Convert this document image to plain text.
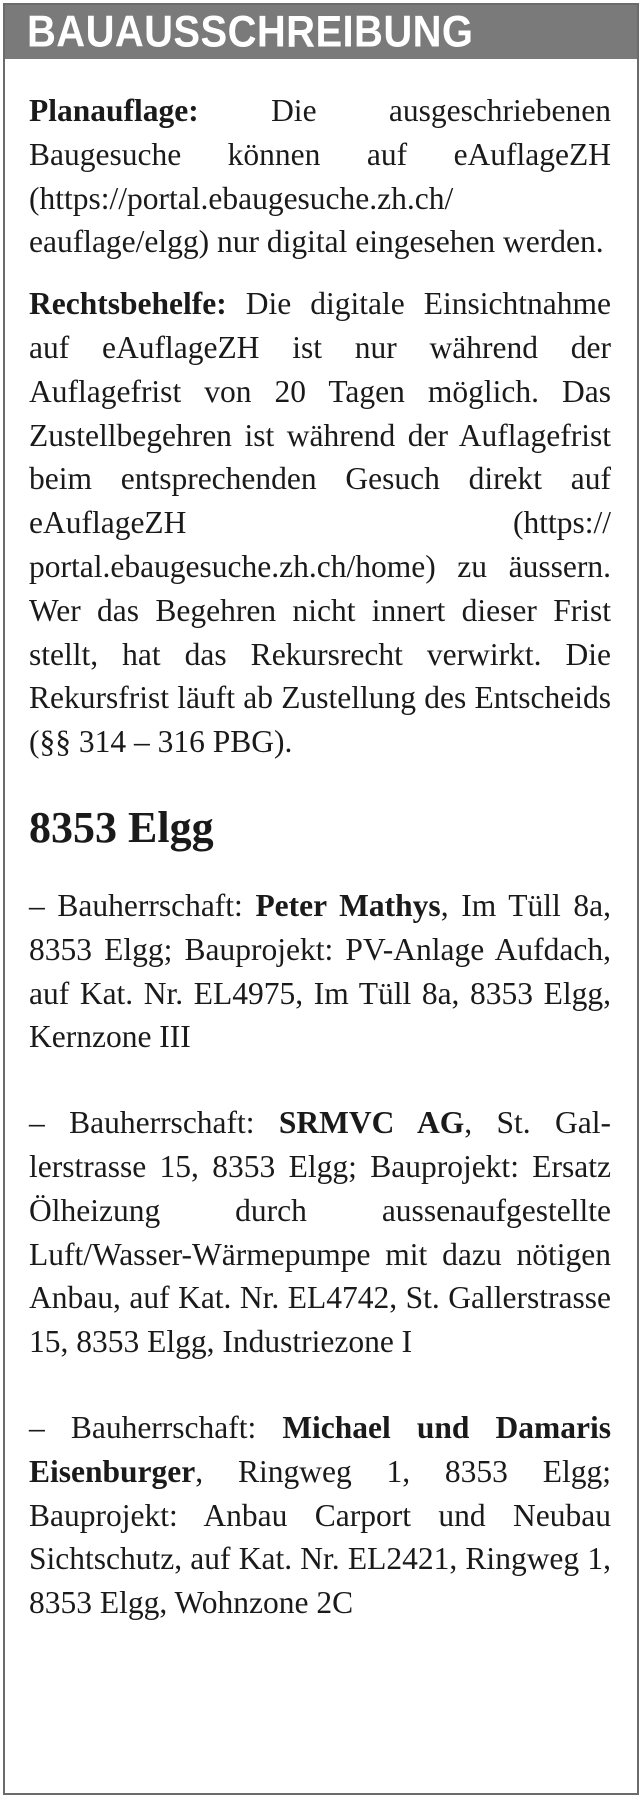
BAUAUSSCHREIBUNG

Planauflage: Die ausgeschriebenen Baugesuche können auf eAuflageZH (https://portal.ebaugesuche.zh.ch/ eauflage/elgg) nur digital eingesehen werden.

Rechtsbehelfe: Die digitale Einsichtnahme auf eAuflageZH ist nur während der Auflagefrist von 20 Tagen möglich. Das Zustellbegehren ist während der Auflagefrist beim entsprechenden Gesuch direkt auf eAuflageZH (https:// portal.ebaugesuche.zh.ch/home) zu äussern. Wer das Begehren nicht innert dieser Frist stellt, hat das Rekursrecht verwirkt. Die Rekursfrist läuft ab Zustellung des Entscheids (§§ 314 – 316 PBG).

8353 Elgg

– Bauherrschaft: Peter Mathys, Im Tüll 8a, 8353 Elgg; Bauprojekt: PV-Anlage Aufdach, auf Kat. Nr. EL4975, Im Tüll 8a, 8353 Elgg, Kernzone III

– Bauherrschaft: SRMVC AG, St. Gallerstrasse 15, 8353 Elgg; Bauprojekt: Ersatz Ölheizung durch aussenaufgestellte Luft/Wasser-Wärmepumpe mit dazu nötigen Anbau, auf Kat. Nr. EL4742, St. Gallerstrasse 15, 8353 Elgg, Industriezone I

– Bauherrschaft: Michael und Damaris Eisenburger, Ringweg 1, 8353 Elgg; Bauprojekt: Anbau Carport und Neubau Sichtschutz, auf Kat. Nr. EL2421, Ringweg 1, 8353 Elgg, Wohnzone 2C
